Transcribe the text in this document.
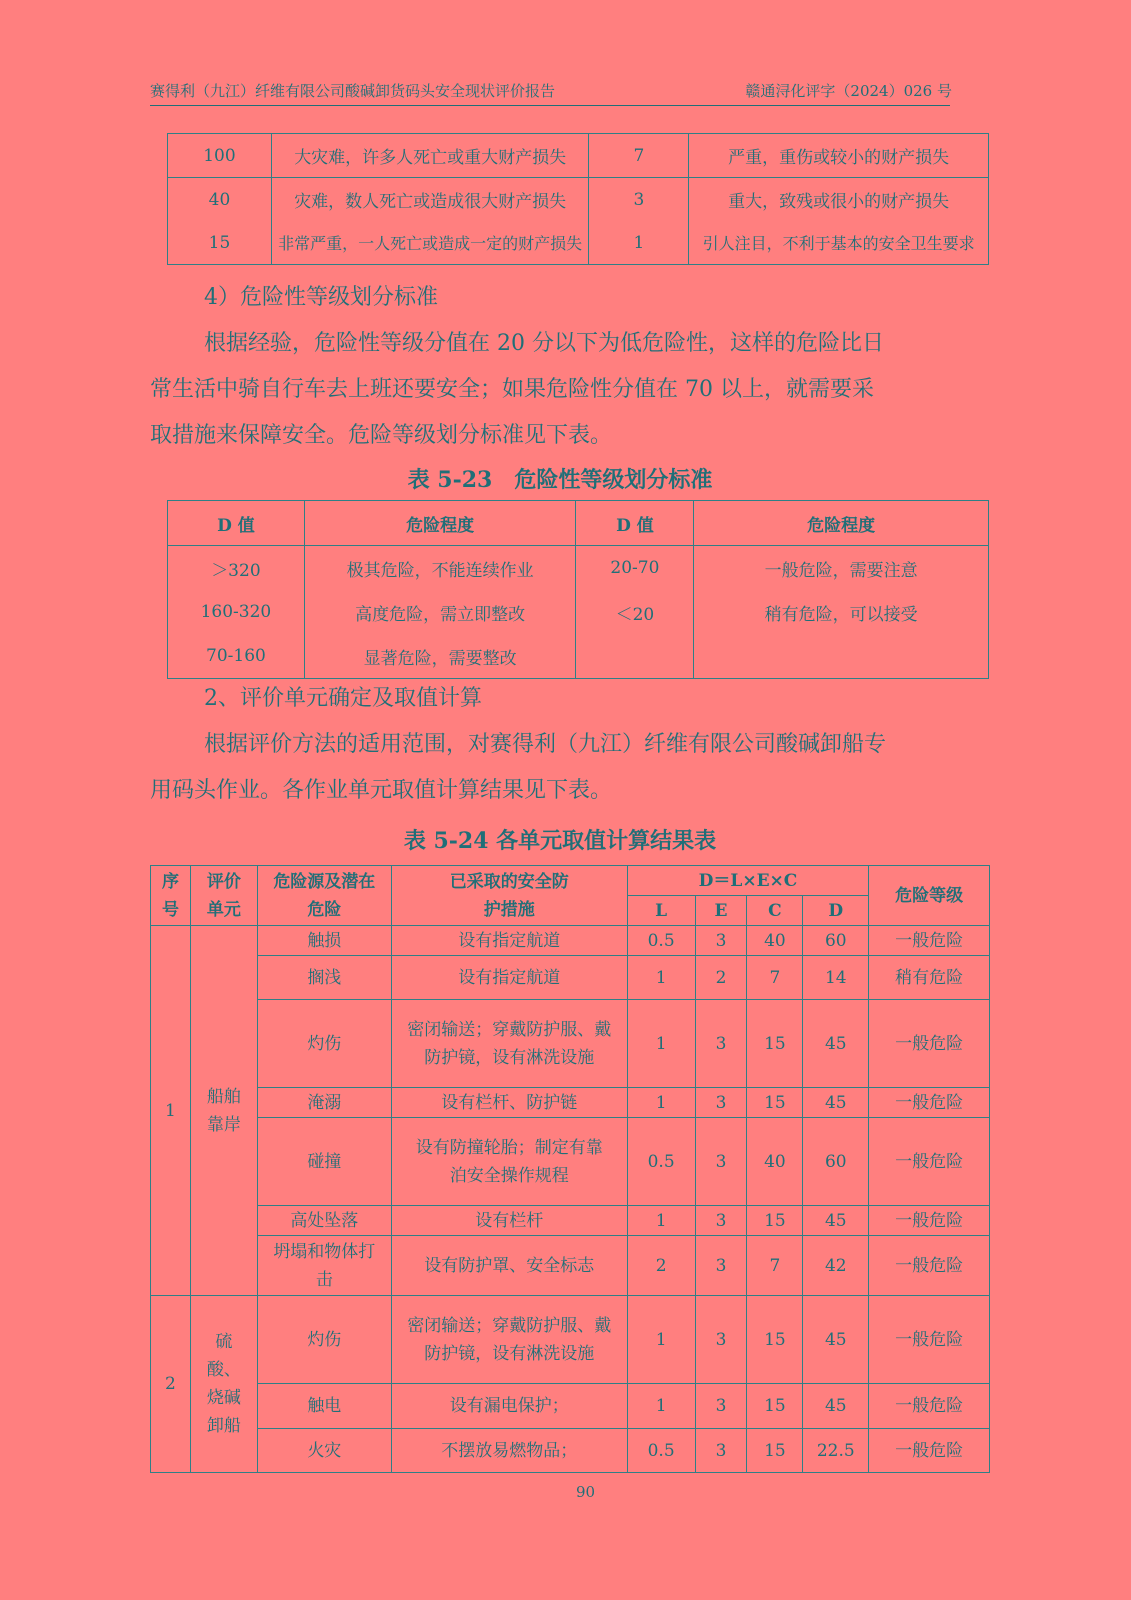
赛得利（九江）纤维有限公司酸碱卸货码头安全现状评价报告	赣通浔化评字（2024）026 号
100	大灾难，许多人死亡或重大财产损失	7	严重，重伤或较小的财产损失
40	灾难，数人死亡或造成很大财产损失	3	重大，致残或很小的财产损失
15	非常严重，一人死亡或造成一定的财产损失	1	引人注目，不利于基本的安全卫生要求
4）危险性等级划分标准
根据经验，危险性等级分值在 20 分以下为低危险性，这样的危险比日
常生活中骑自行车去上班还要安全；如果危险性分值在 70 以上，就需要采
取措施来保障安全。危险等级划分标准见下表。
表 5-23　危险性等级划分标准
D 值	危险程度	D 值	危险程度
＞320	极其危险，不能连续作业	20-70	一般危险，需要注意
160-320	高度危险，需立即整改	＜20	稍有危险，可以接受
70-160	显著危险，需要整改		
2、评价单元确定及取值计算
根据评价方法的适用范围，对赛得利（九江）纤维有限公司酸碱卸船专
用码头作业。各作业单元取值计算结果见下表。
表 5-24 各单元取值计算结果表
序号	评价单元	危险源及潜在危险	已采取的安全防护措施	D＝L×E×C				危险等级
				L	E	C	D	
1	船舶靠岸	触损	设有指定航道	0.5	3	40	60	一般危险
		搁浅	设有指定航道	1	2	7	14	稍有危险
		灼伤	密闭输送；穿戴防护服、戴防护镜，设有淋洗设施	1	3	15	45	一般危险
		淹溺	设有栏杆、防护链	1	3	15	45	一般危险
		碰撞	设有防撞轮胎；制定有靠泊安全操作规程	0.5	3	40	60	一般危险
		高处坠落	设有栏杆	1	3	15	45	一般危险
		坍塌和物体打击	设有防护罩、安全标志	2	3	7	42	一般危险
2	硫酸、烧碱卸船	灼伤	密闭输送；穿戴防护服、戴防护镜，设有淋洗设施	1	3	15	45	一般危险
		触电	设有漏电保护；	1	3	15	45	一般危险
		火灾	不摆放易燃物品；	0.5	3	15	22.5	一般危险
90
